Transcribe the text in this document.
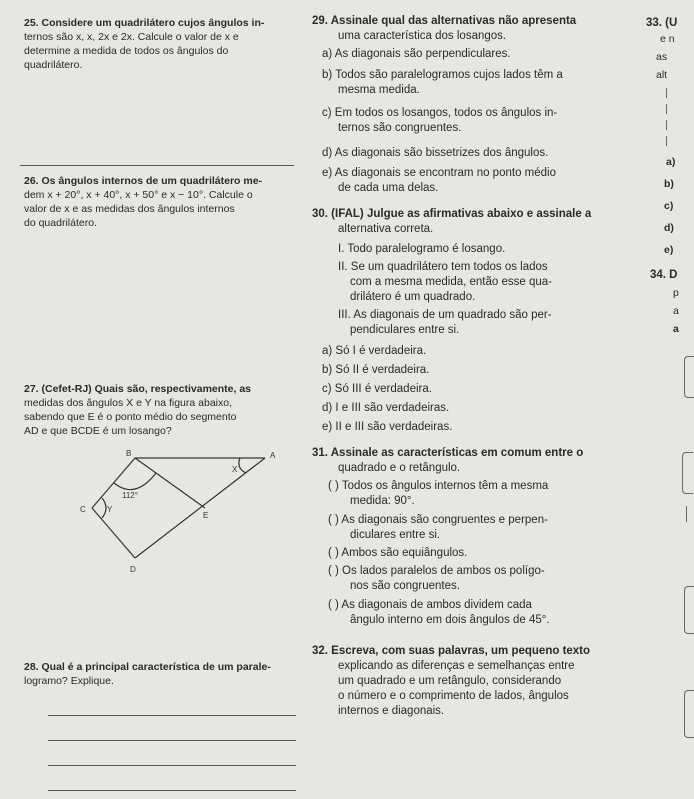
25. Considere um quadrilátero cujos ângulos in-
ternos são x, x, 2x e 2x. Calcule o valor de x e
determine a medida de todos os ângulos do
quadrilátero.
26. Os ângulos internos de um quadrilátero me-
dem x + 20°, x + 40°, x + 50° e x − 10°. Calcule o
valor de x e as medidas dos ângulos internos
do quadrilátero.
27. (Cefet-RJ) Quais são, respectivamente, as
medidas dos ângulos X e Y na figura abaixo,
sabendo que E é o ponto médio do segmento
AD e que BCDE é um losango?
B	A
C
D
E
X
Y
112°
28. Qual é a principal característica de um parale-
logramo? Explique.
29. Assinale qual das alternativas não apresenta
uma característica dos losangos.
a) As diagonais são perpendiculares.
b) Todos são paralelogramos cujos lados têm a
mesma medida.
c) Em todos os losangos, todos os ângulos in-
ternos são congruentes.
d) As diagonais são bissetrizes dos ângulos.
e) As diagonais se encontram no ponto médio
de cada uma delas.
30. (IFAL) Julgue as afirmativas abaixo e assinale a
alternativa correta.
I. Todo paralelogramo é losango.
II. Se um quadrilátero tem todos os lados
com a mesma medida, então esse qua-
drilátero é um quadrado.
III. As diagonais de um quadrado são per-
pendiculares entre si.
a) Só I é verdadeira.
b) Só II é verdadeira.
c) Só III é verdadeira.
d) I e III são verdadeiras.
e) II e III são verdadeiras.
31. Assinale as características em comum entre o
quadrado e o retângulo.
( ) Todos os ângulos internos têm a mesma
medida: 90°.
( ) As diagonais são congruentes e perpen-
diculares entre si.
( ) Ambos são equiângulos.
( ) Os lados paralelos de ambos os polígo-
nos são congruentes.
( ) As diagonais de ambos dividem cada
ângulo interno em dois ângulos de 45°.
32. Escreva, com suas palavras, um pequeno texto
explicando as diferenças e semelhanças entre
um quadrado e um retângulo, considerando
o número e o comprimento de lados, ângulos
internos e diagonais.
33. (U
e n
as
alt
a)
b)
c)
d)
e)
34. D
p
a
a
